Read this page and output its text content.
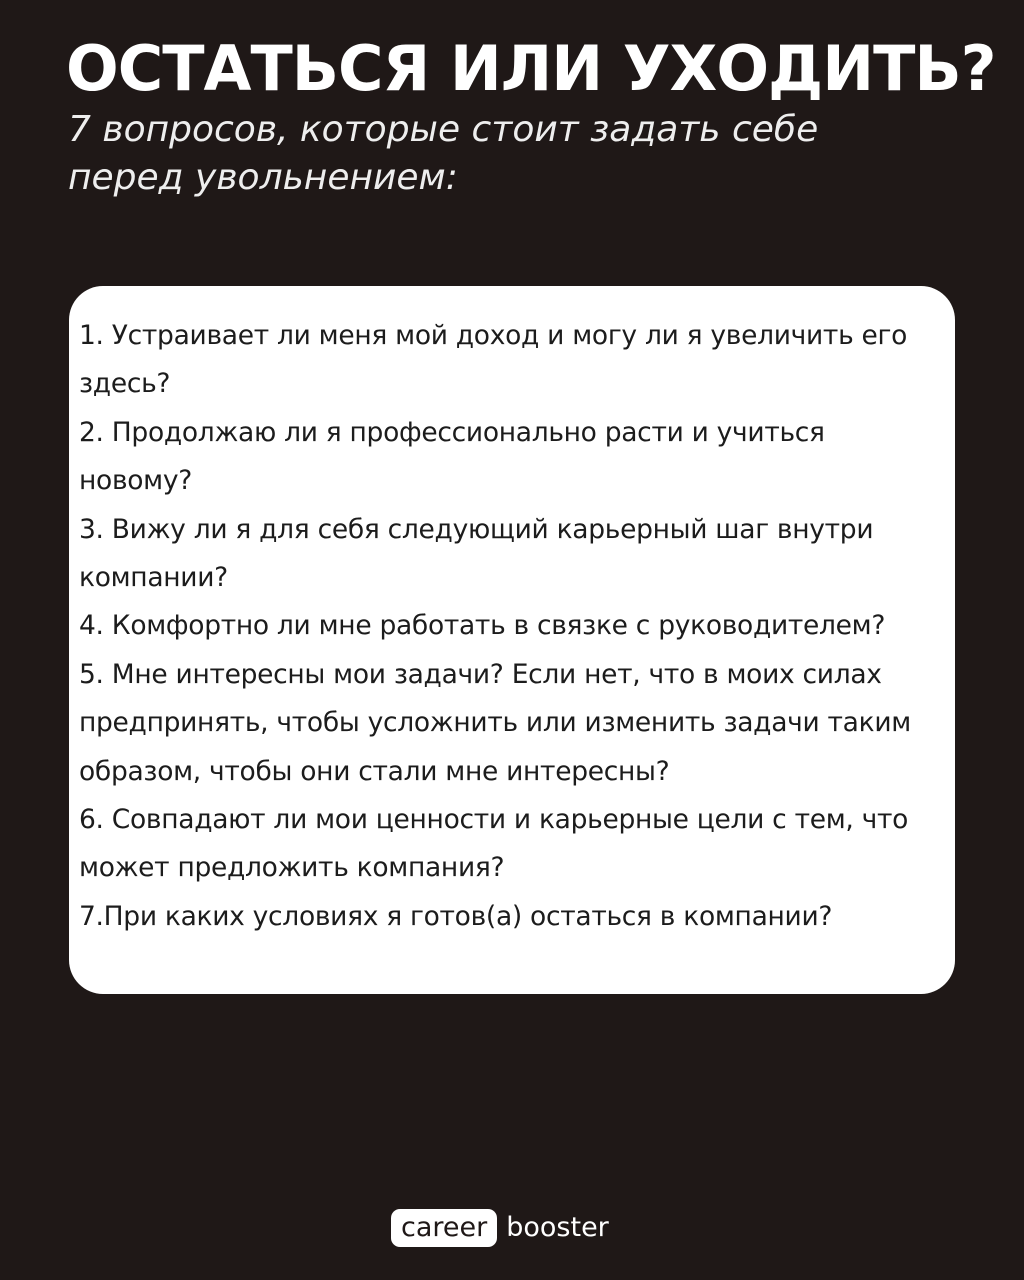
ОСТАТЬСЯ ИЛИ УХОДИТЬ?

7 вопросов, которые стоит задать себе перед увольнением:

1. Устраивает ли меня мой доход и могу ли я увеличить его здесь?
2. Продолжаю ли я профессионально расти и учиться новому?
3. Вижу ли я для себя следующий карьерный шаг внутри компании?
4. Комфортно ли мне работать в связке с руководителем?
5. Мне интересны мои задачи? Если нет, что в моих силах предпринять, чтобы усложнить или изменить задачи таким образом, чтобы они стали мне интересны?
6. Совпадают ли мои ценности и карьерные цели с тем, что может предложить компания?
7.При каких условиях я готов(а) остаться в компании?
career booster
